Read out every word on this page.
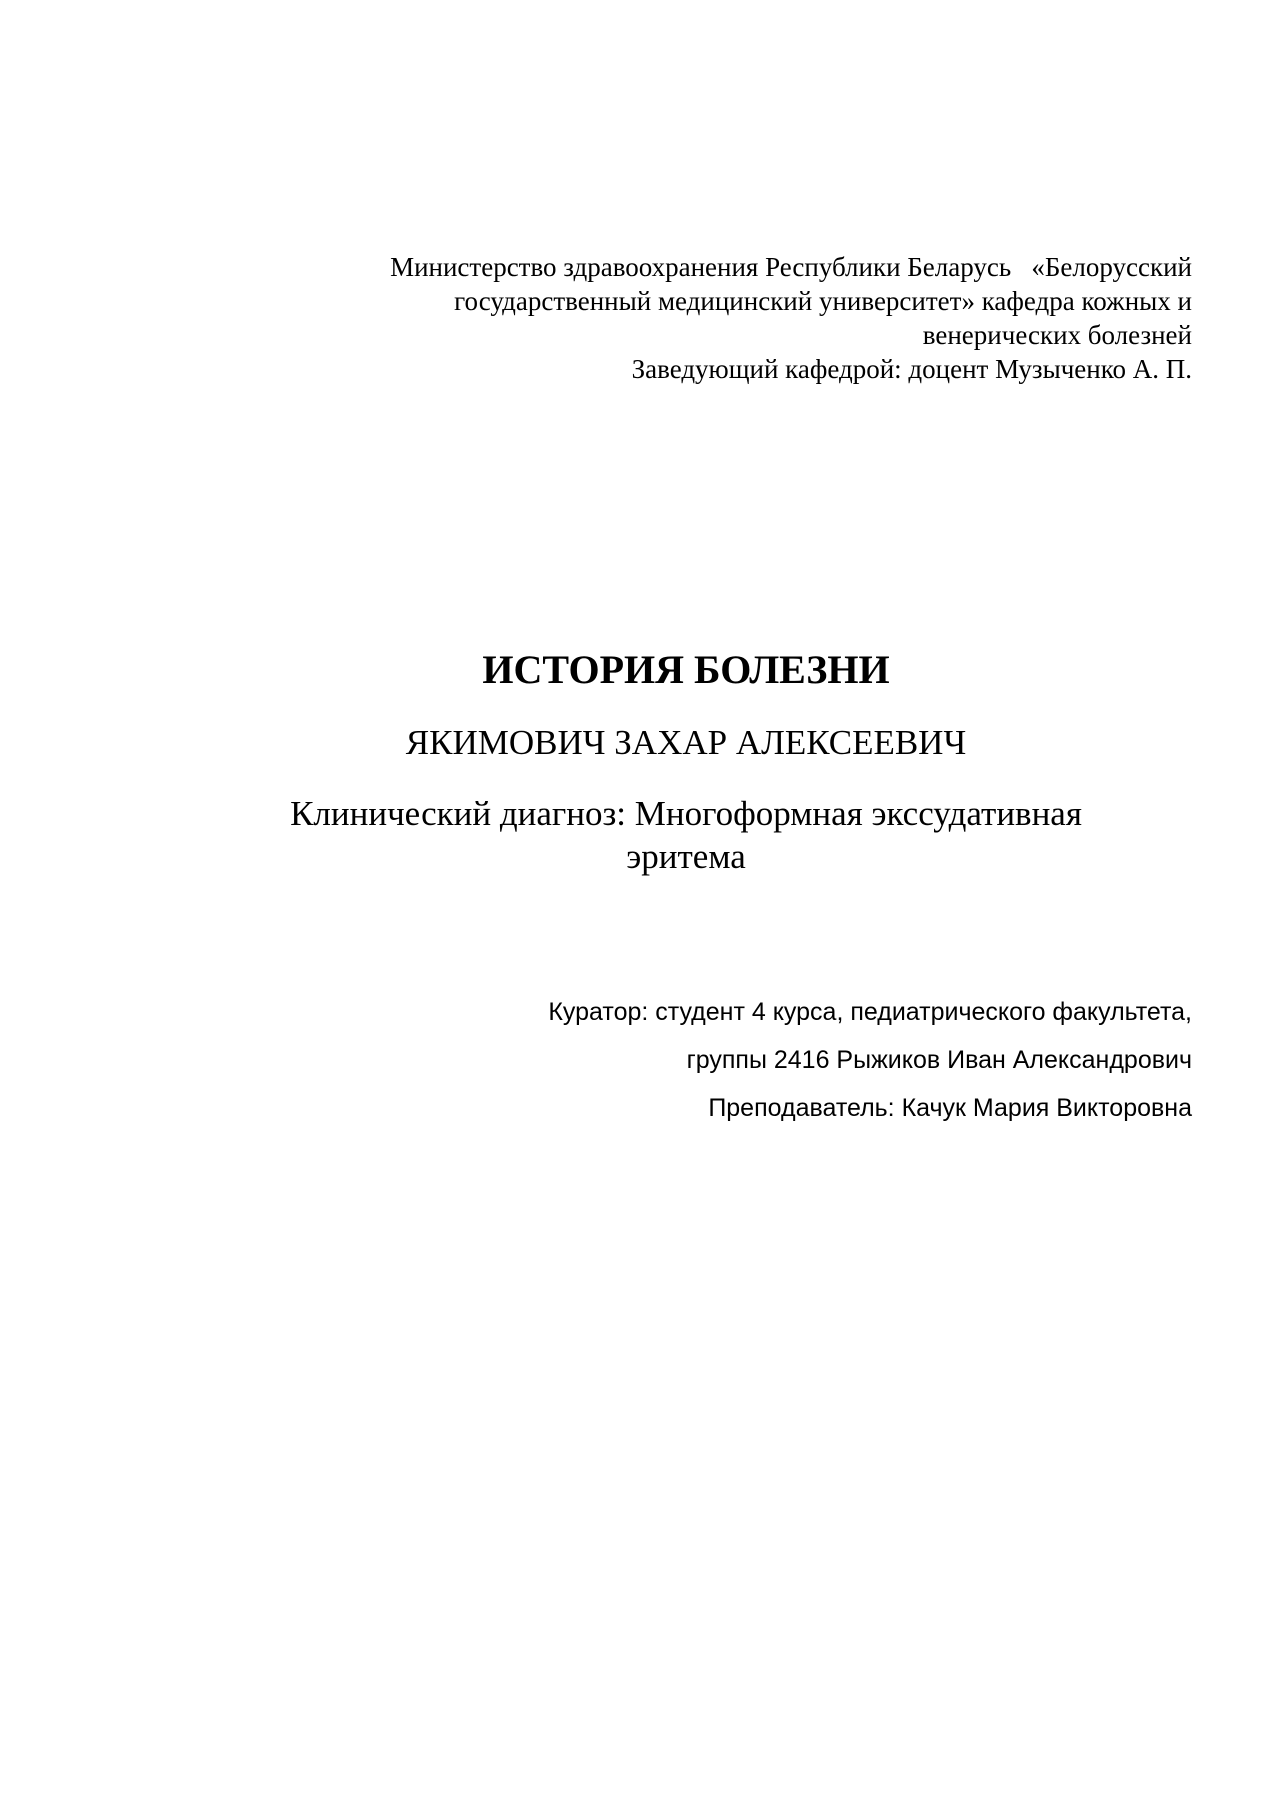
Министерство здравоохранения Республики Беларусь   «Белорусский
государственный медицинский университет» кафедра кожных и
венерических болезней
Заведующий кафедрой: доцент Музыченко А. П.
ИСТОРИЯ БОЛЕЗНИ
ЯКИМОВИЧ ЗАХАР АЛЕКСЕЕВИЧ
Клинический диагноз: Многоформная экссудативная
эритема
Куратор: студент 4 курса, педиатрического факультета,
группы 2416 Рыжиков Иван Александрович
Преподаватель: Качук Мария Викторовна
